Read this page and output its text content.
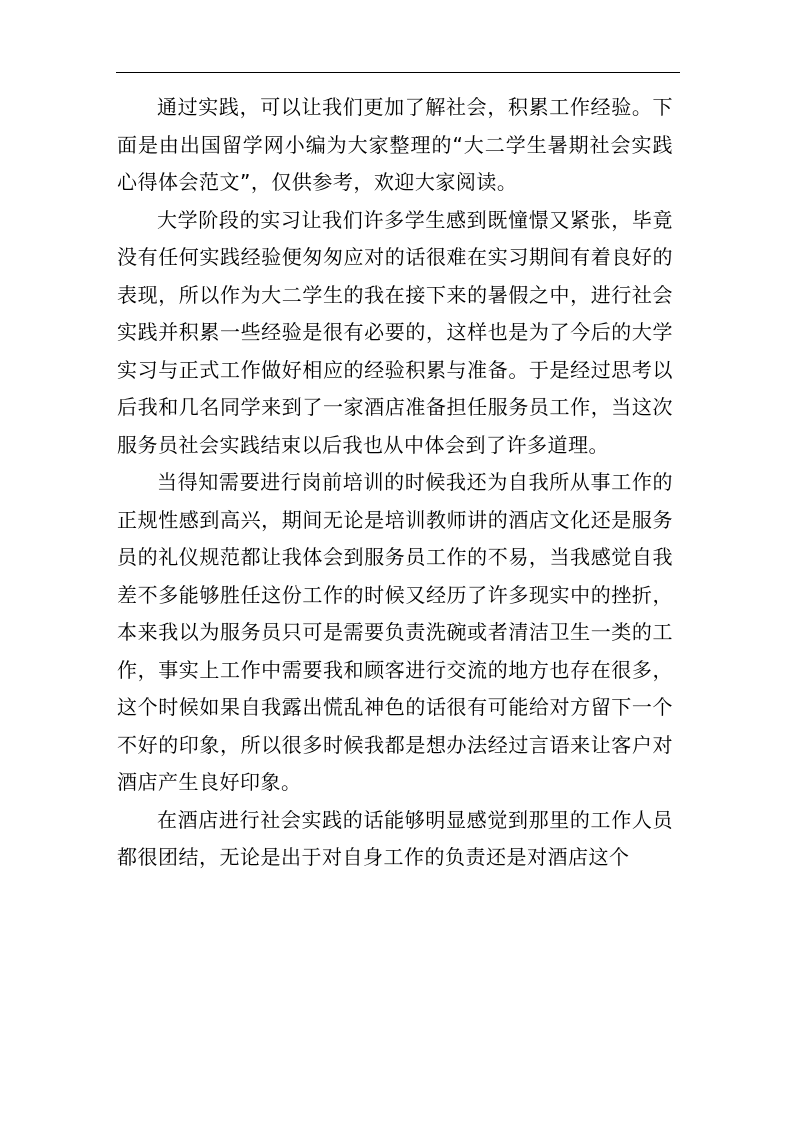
通过实践，可以让我们更加了解社会，积累工作经验。下面是由出国留学网小编为大家整理的“大二学生暑期社会实践心得体会范文”，仅供参考，欢迎大家阅读。

大学阶段的实习让我们许多学生感到既憧憬又紧张，毕竟没有任何实践经验便匆匆应对的话很难在实习期间有着良好的表现，所以作为大二学生的我在接下来的暑假之中，进行社会实践并积累一些经验是很有必要的，这样也是为了今后的大学实习与正式工作做好相应的经验积累与准备。于是经过思考以后我和几名同学来到了一家酒店准备担任服务员工作，当这次服务员社会实践结束以后我也从中体会到了许多道理。

当得知需要进行岗前培训的时候我还为自我所从事工作的正规性感到高兴，期间无论是培训教师讲的酒店文化还是服务员的礼仪规范都让我体会到服务员工作的不易，当我感觉自我差不多能够胜任这份工作的时候又经历了许多现实中的挫折，本来我以为服务员只可是需要负责洗碗或者清洁卫生一类的工作，事实上工作中需要我和顾客进行交流的地方也存在很多，这个时候如果自我露出慌乱神色的话很有可能给对方留下一个不好的印象，所以很多时候我都是想办法经过言语来让客户对酒店产生良好印象。

在酒店进行社会实践的话能够明显感觉到那里的工作人员都很团结，无论是出于对自身工作的负责还是对酒店这个
